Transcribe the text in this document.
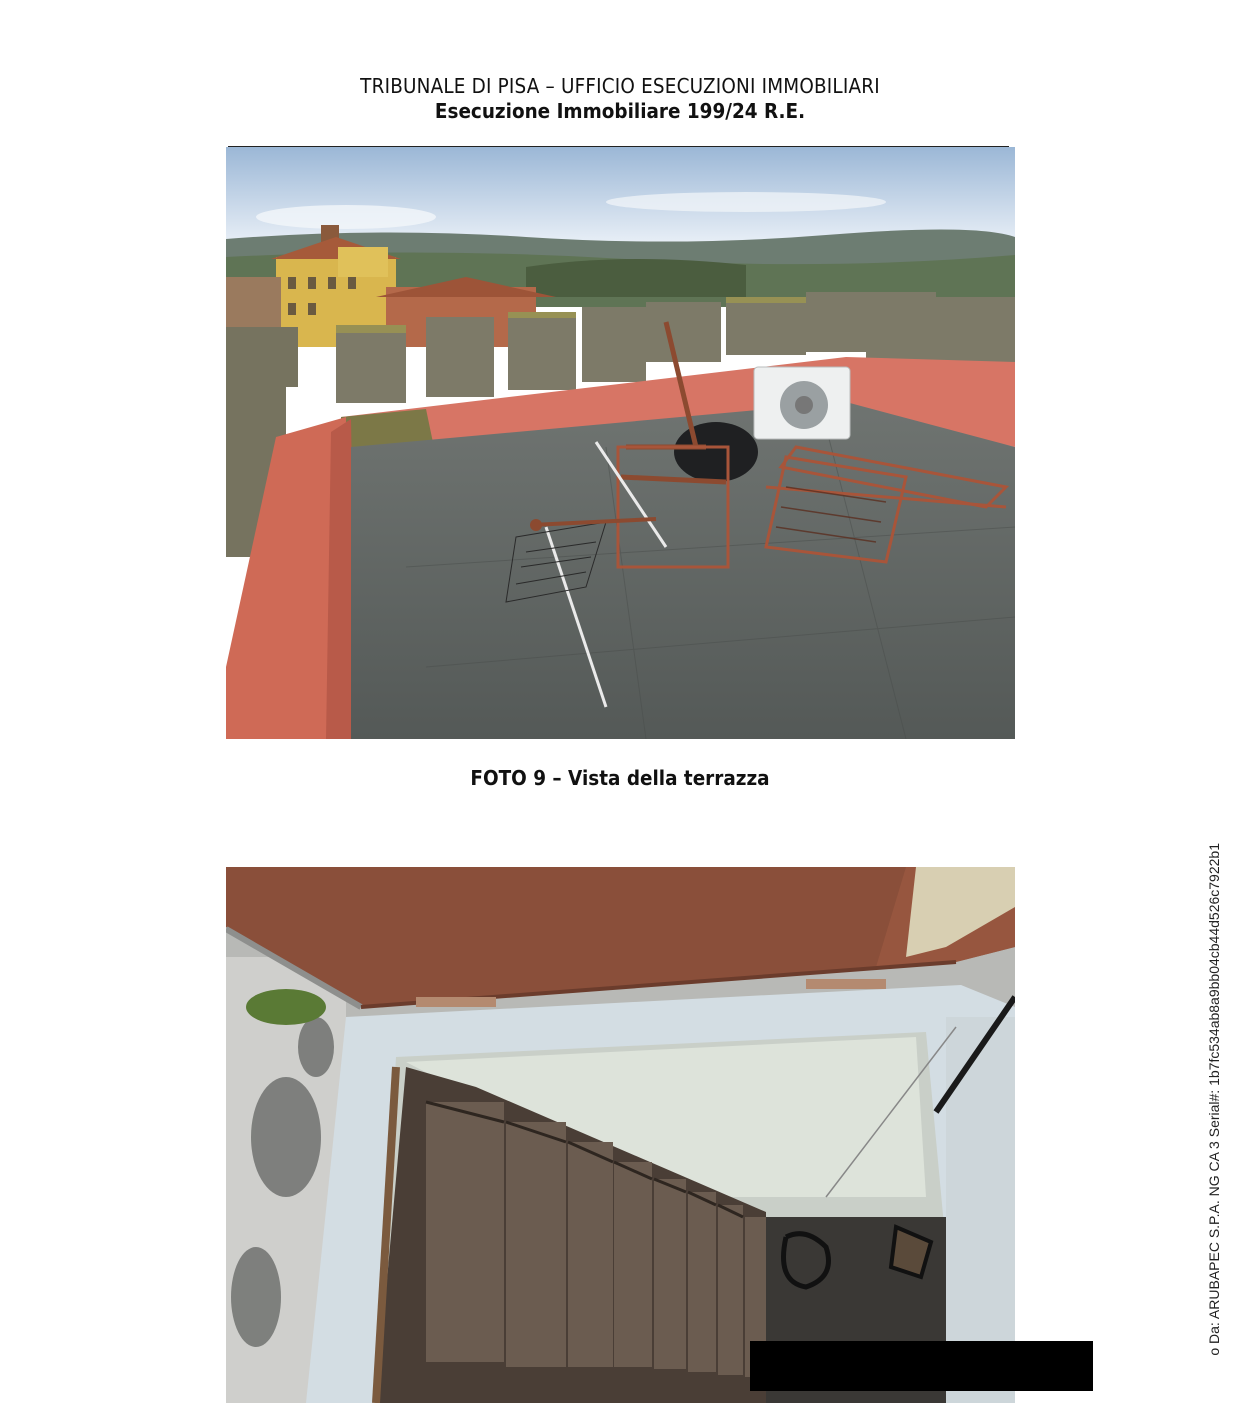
TRIBUNALE DI PISA – UFFICIO ESECUZIONI IMMOBILIARI
Esecuzione Immobiliare 199/24 R.E.
FOTO 9 – Vista della terrazza
o Da: ARUBAPEC S.P.A. NG CA 3 Serial#: 1b7fc534ab8a9bb04cb44d526c7922b1
